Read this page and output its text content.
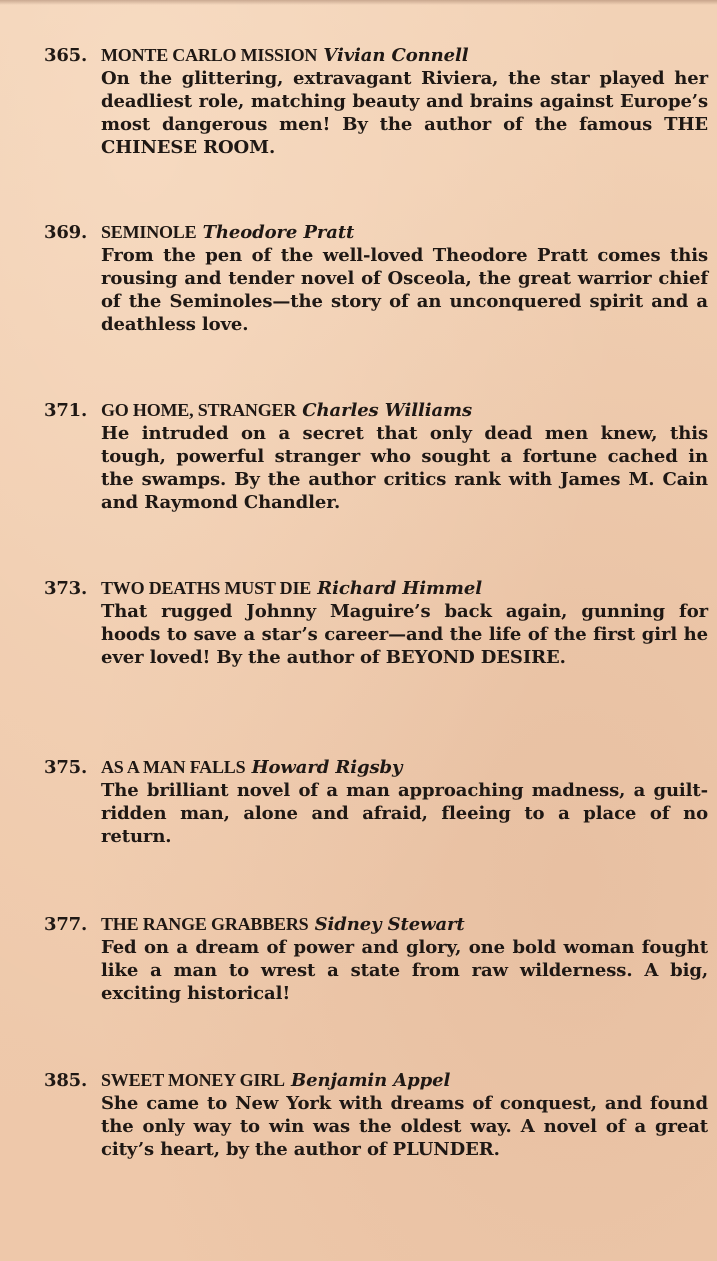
365. MONTE CARLO MISSION Vivian Connell
On the glittering, extravagant Riviera, the star played her deadliest role, matching beauty and brains against Europe’s most dangerous men! By the author of the famous THE CHINESE ROOM.
369. SEMINOLE Theodore Pratt
From the pen of the well-loved Theodore Pratt comes this rousing and tender novel of Osceola, the great warrior chief of the Seminoles—the story of an unconquered spirit and a deathless love.
371. GO HOME, STRANGER Charles Williams
He intruded on a secret that only dead men knew, this tough, powerful stranger who sought a fortune cached in the swamps. By the author critics rank with James M. Cain and Raymond Chandler.
373. TWO DEATHS MUST DIE Richard Himmel
That rugged Johnny Maguire’s back again, gunning for hoods to save a star’s career—and the life of the first girl he ever loved! By the author of BEYOND DESIRE.
375. AS A MAN FALLS Howard Rigsby
The brilliant novel of a man approaching madness, a guilt-ridden man, alone and afraid, fleeing to a place of no return.
377. THE RANGE GRABBERS Sidney Stewart
Fed on a dream of power and glory, one bold woman fought like a man to wrest a state from raw wilderness. A big, exciting historical!
385. SWEET MONEY GIRL Benjamin Appel
She came to New York with dreams of conquest, and found the only way to win was the oldest way. A novel of a great city’s heart, by the author of PLUNDER.
